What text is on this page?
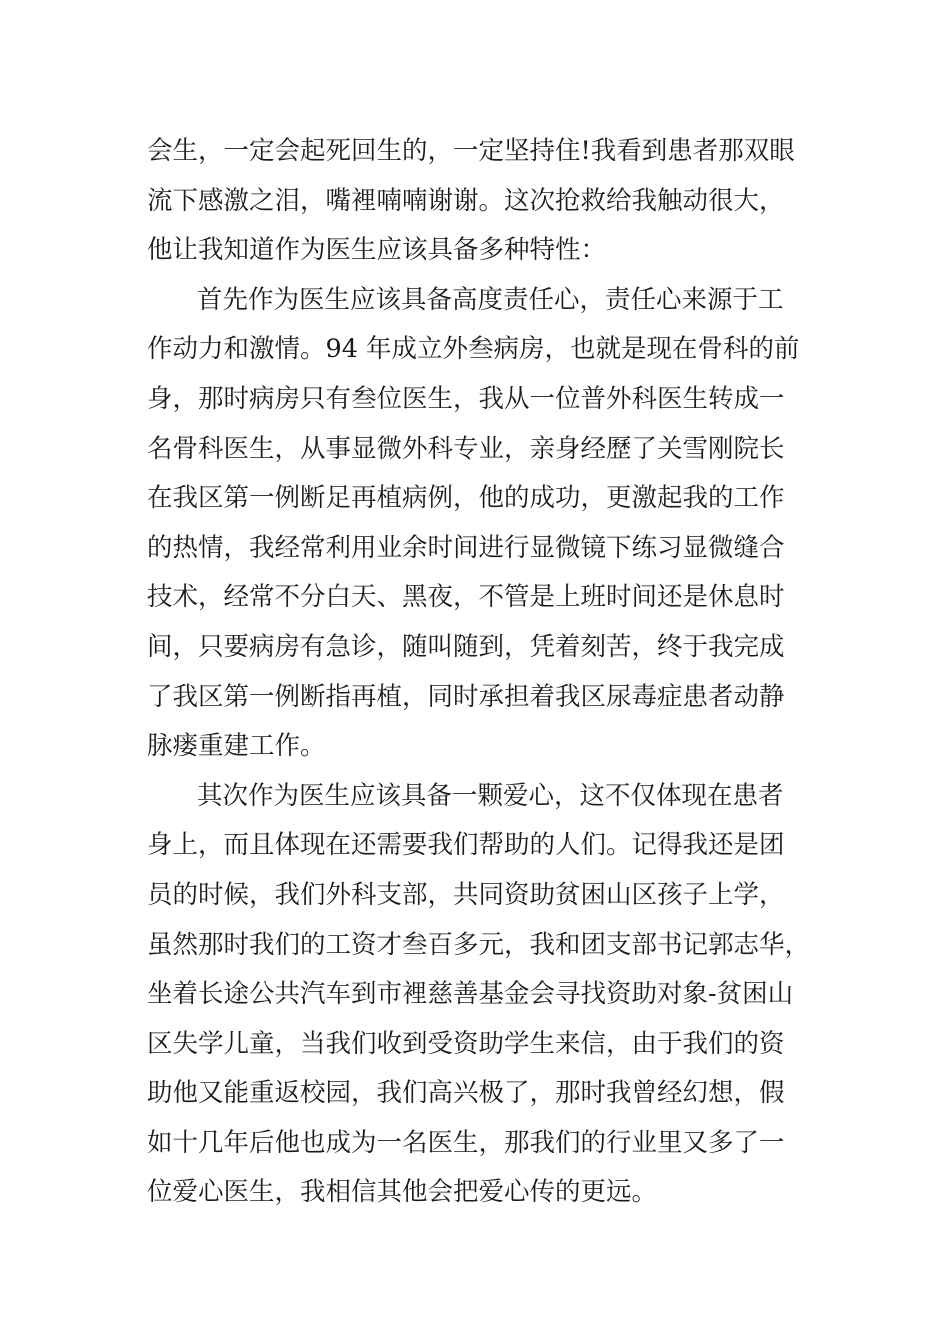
会生，一定会起死回生的，一定坚持住!我看到患者那双眼
流下感激之泪，嘴裡喃喃谢谢。这次抢救给我触动很大，
他让我知道作为医生应该具备多种特性：
首先作为医生应该具备高度责任心，责任心来源于工
作动力和激情。94 年成立外叁病房，也就是现在骨科的前
身，那时病房只有叁位医生，我从一位普外科医生转成一
名骨科医生，从事显微外科专业，亲身经歷了关雪刚院长
在我区第一例断足再植病例，他的成功，更激起我的工作
的热情，我经常利用业余时间进行显微镜下练习显微缝合
技术，经常不分白天、黑夜，不管是上班时间还是休息时
间，只要病房有急诊，随叫随到，凭着刻苦，终于我完成
了我区第一例断指再植，同时承担着我区尿毒症患者动静
脉瘘重建工作。
其次作为医生应该具备一颗爱心，这不仅体现在患者
身上，而且体现在还需要我们帮助的人们。记得我还是团
员的时候，我们外科支部，共同资助贫困山区孩子上学，
虽然那时我们的工资才叁百多元，我和团支部书记郭志华，
坐着长途公共汽车到市裡慈善基金会寻找资助对象-贫困山
区失学儿童，当我们收到受资助学生来信，由于我们的资
助他又能重返校园，我们高兴极了，那时我曾经幻想，假
如十几年后他也成为一名医生，那我们的行业里又多了一
位爱心医生，我相信其他会把爱心传的更远。
